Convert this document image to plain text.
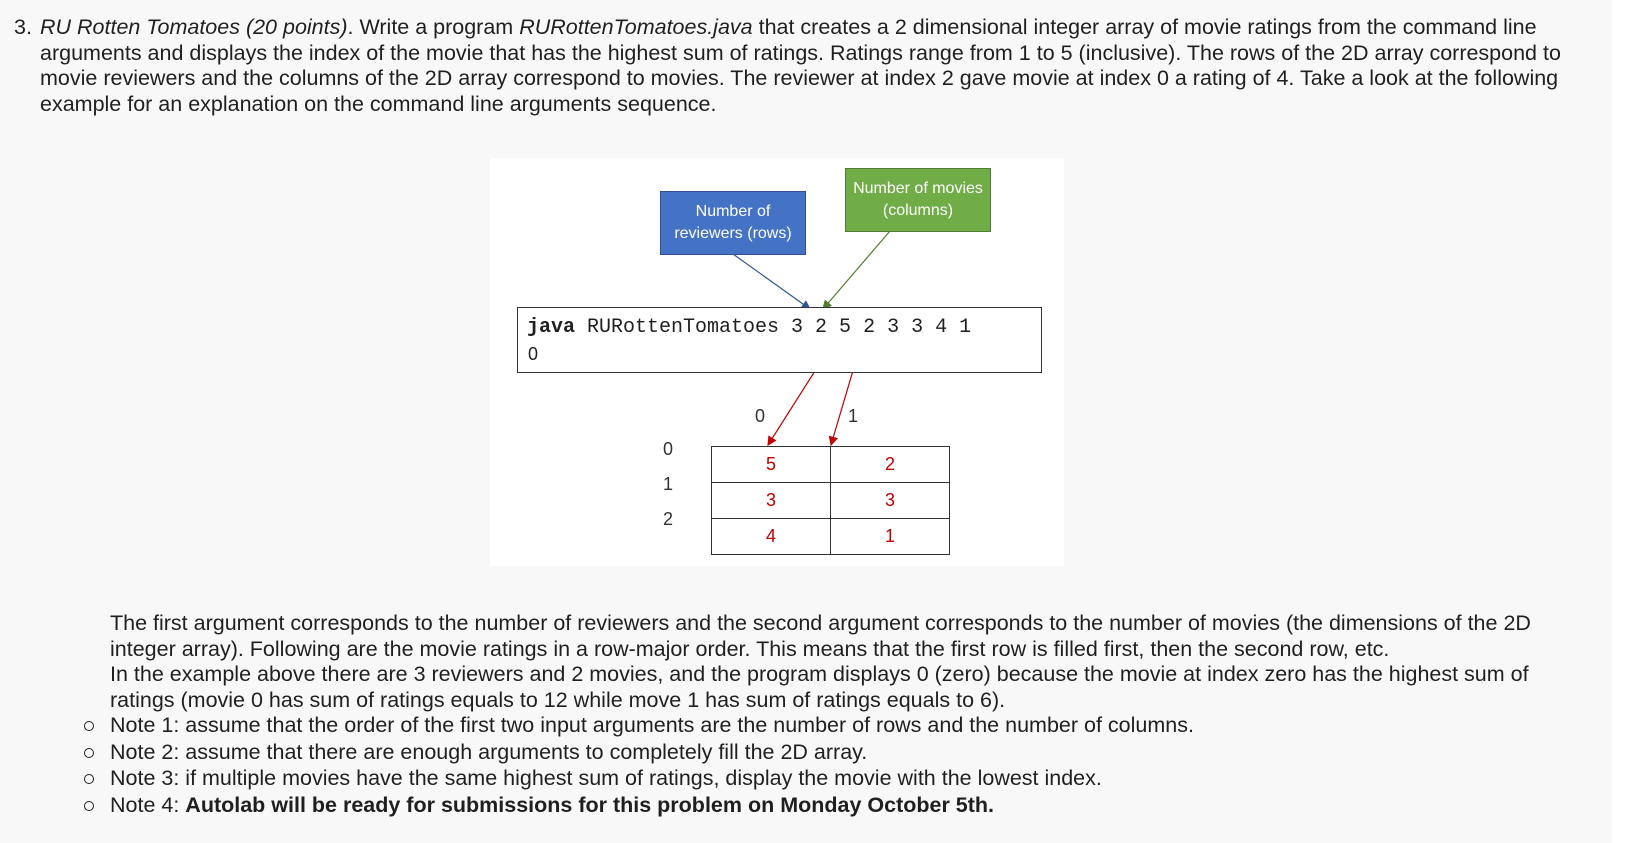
3. RU Rotten Tomatoes (20 points). Write a program RURottenTomatoes.java that creates a 2 dimensional integer array of movie ratings from the command line arguments and displays the index of the movie that has the highest sum of ratings. Ratings range from 1 to 5 (inclusive). The rows of the 2D array correspond to movie reviewers and the columns of the 2D array correspond to movies. The reviewer at index 2 gave movie at index 0 a rating of 4. Take a look at the following example for an explanation on the command line arguments sequence.
Number of reviewers (rows)
Number of movies (columns)
java RURottenTomatoes 3 2 5 2 3 3 4 1
0
0	1
0
1
2
5	2
3	3
4	1
The first argument corresponds to the number of reviewers and the second argument corresponds to the number of movies (the dimensions of the 2D integer array). Following are the movie ratings in a row-major order. This means that the first row is filled first, then the second row, etc.
In the example above there are 3 reviewers and 2 movies, and the program displays 0 (zero) because the movie at index zero has the highest sum of ratings (movie 0 has sum of ratings equals to 12 while move 1 has sum of ratings equals to 6).
Note 1: assume that the order of the first two input arguments are the number of rows and the number of columns.
Note 2: assume that there are enough arguments to completely fill the 2D array.
Note 3: if multiple movies have the same highest sum of ratings, display the movie with the lowest index.
Note 4: Autolab will be ready for submissions for this problem on Monday October 5th.
